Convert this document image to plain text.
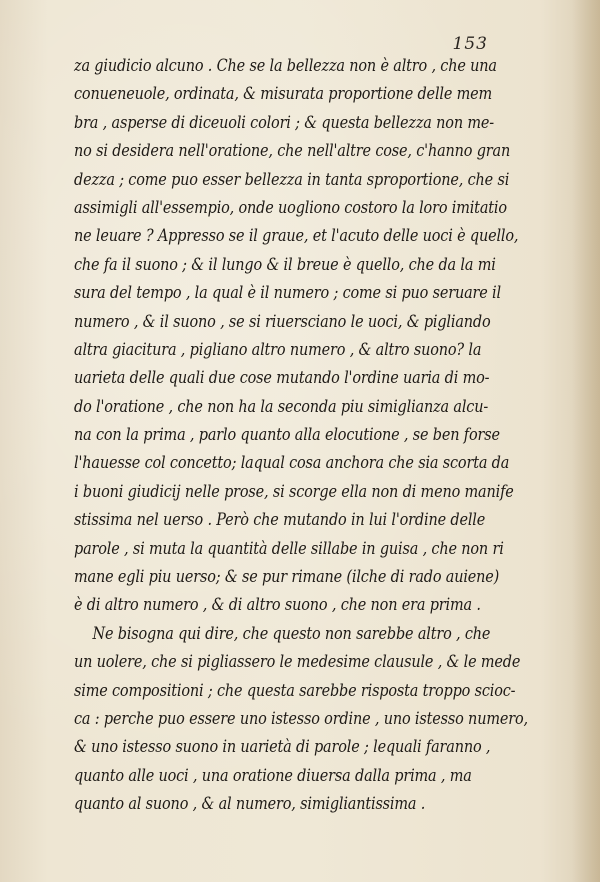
153
za giudicio alcuno . Che se la bellezza non è altro , che una
conueneuole, ordinata, & misurata proportione delle mem
bra , asperse di diceuoli colori ; & questa bellezza non me-
no si desidera nell'oratione, che nell'altre cose, c'hanno gran
dezza ; come puo esser bellezza in tanta sproportione, che si
assimigli all'essempio, onde uogliono costoro la loro imitatio
ne leuare ? Appresso se il graue, et l'acuto delle uoci è quello,
che fa il suono ; & il lungo & il breue è quello, che da la mi
sura del tempo , la qual è il numero ; come si puo seruare il
numero , & il suono , se si riuersciano le uoci, & pigliando
altra giacitura , pigliano altro numero , & altro suono? la
uarieta delle quali due cose mutando l'ordine uaria di mo-
do l'oratione , che non ha la seconda piu simiglianza alcu-
na con la prima , parlo quanto alla elocutione , se ben forse
l'hauesse col concetto; laqual cosa anchora che sia scorta da
i buoni giudicij nelle prose, si scorge ella non di meno manife
stissima nel uerso . Però che mutando in lui l'ordine delle
parole , si muta la quantità delle sillabe in guisa , che non ri
mane egli piu uerso; & se pur rimane (ilche di rado auiene)
è di altro numero , & di altro suono , che non era prima .
Ne bisogna qui dire, che questo non sarebbe altro , che
un uolere, che si pigliassero le medesime clausule , & le mede
sime compositioni ; che questa sarebbe risposta troppo scioc-
ca : perche puo essere uno istesso ordine , uno istesso numero,
& uno istesso suono in uarietà di parole ; lequali faranno ,
quanto alle uoci , una oratione diuersa dalla prima , ma
quanto al suono , & al numero, simigliantissima .
